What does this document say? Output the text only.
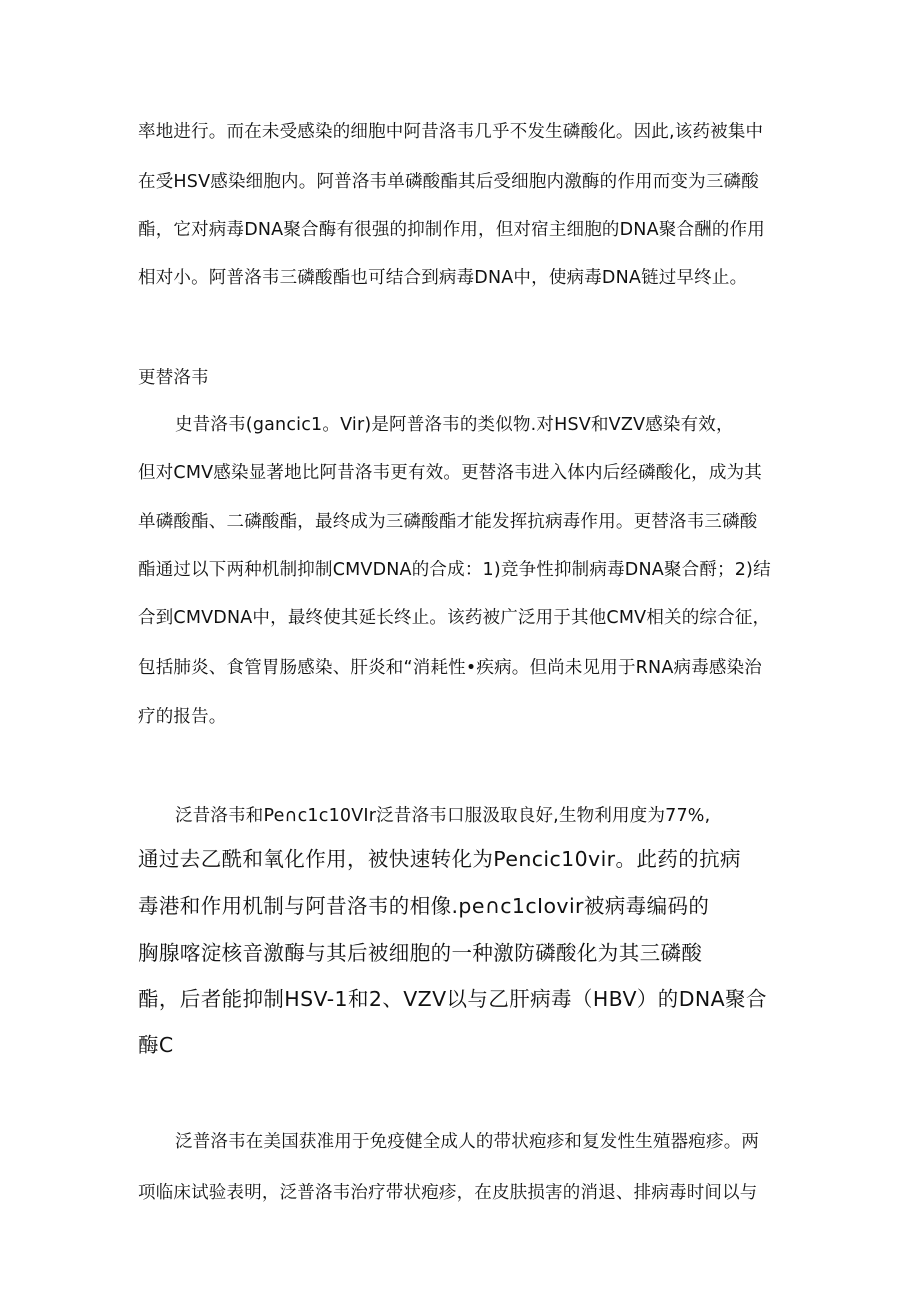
率地进行。而在未受感染的细胞中阿昔洛韦几乎不发生磷酸化。因此,该药被集中
在受HSV感染细胞内。阿普洛韦单磷酸酯其后受细胞内激酶的作用而变为三磷酸
酯，它对病毒DNA聚合酶有很强的抑制作用，但对宿主细胞的DNA聚合酬的作用
相对小。阿普洛韦三磷酸酯也可结合到病毒DNA中，使病毒DNA链过早终止。
更替洛韦
史昔洛韦(gancic1。Vir)是阿普洛韦的类似物.对HSV和VZV感染有效，
但对CMV感染显著地比阿昔洛韦更有效。更替洛韦进入体内后经磷酸化，成为其
单磷酸酯、二磷酸酯，最终成为三磷酸酯才能发挥抗病毒作用。更替洛韦三磷酸
酯通过以下两种机制抑制CMVDNA的合成：1)竞争性抑制病毒DNA聚合酹；2)结
合到CMVDNA中，最终使其延长终止。该药被广泛用于其他CMV相关的综合征，
包括肺炎、食管胃肠感染、肝炎和“消耗性•疾病。但尚未见用于RNA病毒感染治
疗的报告。
泛昔洛韦和Pe∩c1c10VIr泛昔洛韦口服汲取良好,生物利用度为77%,
通过去乙酰和氧化作用，被快速转化为Pencic10vir。此药的抗病
毒港和作用机制与阿昔洛韦的相像.pe∩c1cIovir被病毒编码的
胸腺喀淀核音激酶与其后被细胞的一种激防磷酸化为其三磷酸
酯，后者能抑制HSV-1和2、VZV以与乙肝病毒（HBV）的DNA聚合
酶C
泛普洛韦在美国获准用于免疫健全成人的带状疱疹和复发性生殖器疱疹。两
项临床试验表明，泛普洛韦治疗带状疱疹，在皮肤损害的消退、排病毒时间以与
